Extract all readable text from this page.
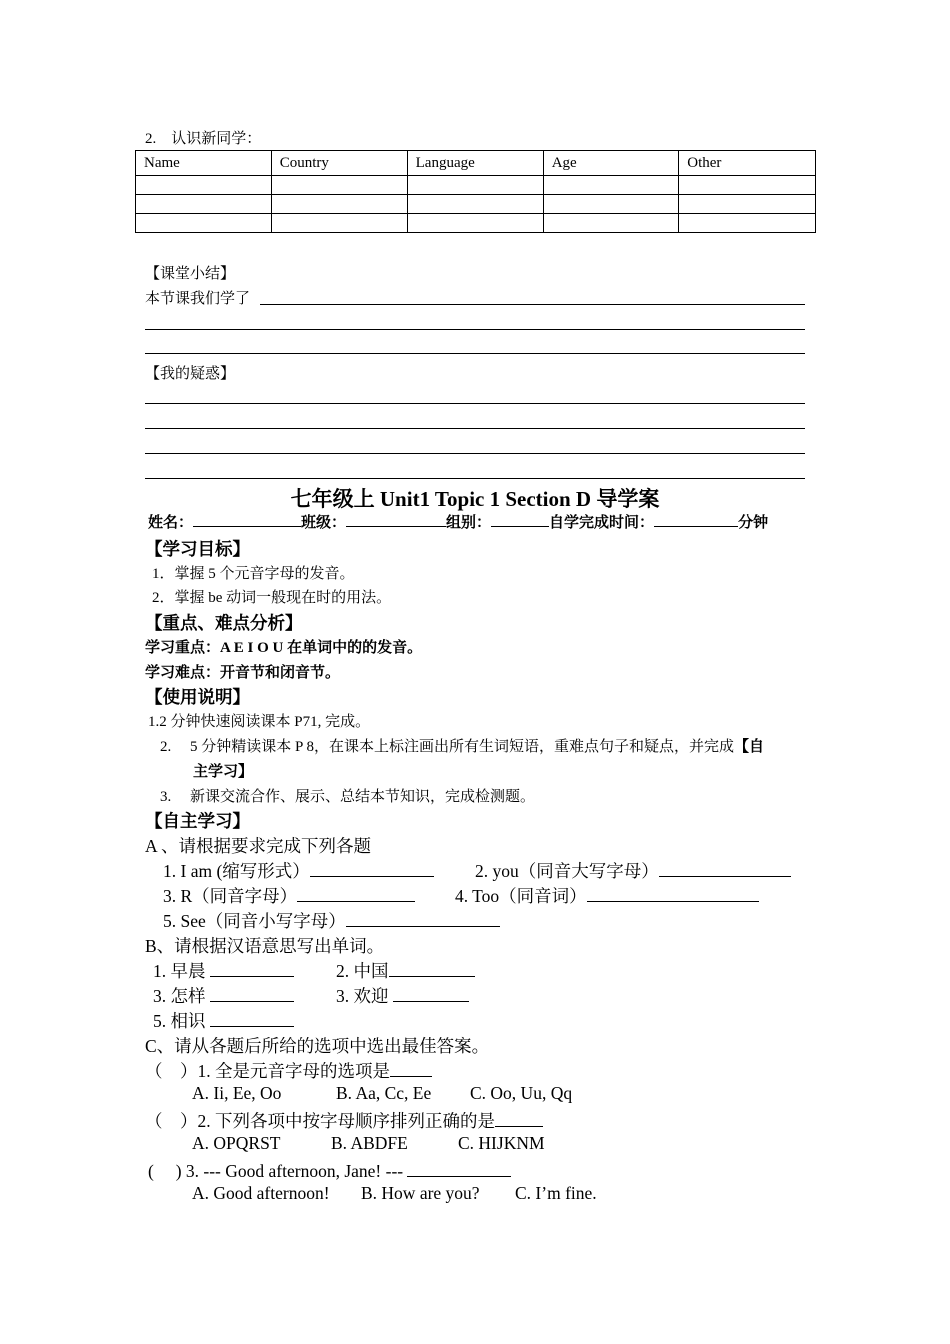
2.　认识新同学：
Name	Country	Language	Age	Other

【课堂小结】
本节课我们学了
【我的疑惑】
七年级上 Unit1 Topic 1 Section D 导学案
姓名：	班级：	组别：	自学完成时间：	分钟
【学习目标】
1．掌握 5 个元音字母的发音。
2．掌握 be 动词一般现在时的用法。
【重点、难点分析】
学习重点：A E I O U 在单词中的的发音。
学习难点：开音节和闭音节。
【使用说明】
1.2 分钟快速阅读课本 P71, 完成。
2.　 5 分钟精读课本 P 8，在课本上标注画出所有生词短语，重难点句子和疑点，并完成【自
主学习】
3.　 新课交流合作、展示、总结本节知识，完成检测题。
【自主学习】
A 、请根据要求完成下列各题
1. I am (缩写形式）	2. you（同音大写字母）
3. R（同音字母）	4. Too（同音词）
5. See（同音小写字母）
B、请根据汉语意思写出单词。
1. 早晨	2. 中国
3. 怎样	3. 欢迎
5. 相识
C、请从各题后所给的选项中选出最佳答案。
（　）1. 全是元音字母的选项是
A. Ii, Ee, Oo	B. Aa, Cc, Ee C. Oo, Uu, Qq
（　）2. 下列各项中按字母顺序排列正确的是
A. OPQRST	B. ABDFE	C. HIJKNM
(　 ) 3. --- Good afternoon, Jane! ---
A. Good afternoon! B. How are you? C. I’m fine.
